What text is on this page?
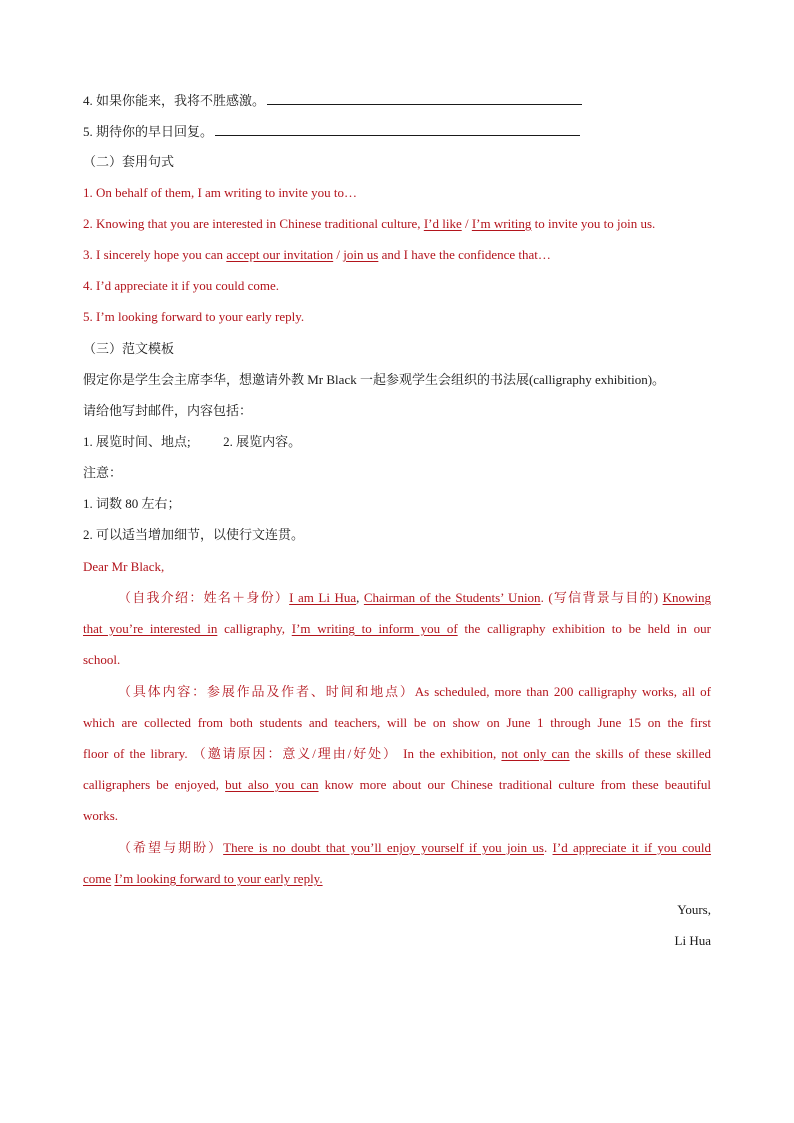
4. 如果你能来，我将不胜感激。
5. 期待你的早日回复。
（二）套用句式
1. On behalf of them, I am writing to invite you to…
2. Knowing that you are interested in Chinese traditional culture, I’d like / I’m writing to invite you to join us.
3. I sincerely hope you can accept our invitation / join us and I have the confidence that…
4. I’d appreciate it if you could come.
5. I’m looking forward to your early reply.
（三）范文模板
假定你是学生会主席李华，想邀请外教 Mr Black 一起参观学生会组织的书法展(calligraphy exhibition)。
请给他写封邮件，内容包括：
1. 展览时间、地点;	2. 展览内容。
注意：
1. 词数 80 左右；
2. 可以适当增加细节，以使行文连贯。
Dear Mr Black,
（自我介绍：姓名＋身份）I am Li Hua, Chairman of the Students’ Union. (写信背景与目的) Knowing
that you’re interested in calligraphy, I’m writing to inform you of the calligraphy exhibition to be held in our
school.
（具体内容：参展作品及作者、时间和地点）As scheduled, more than 200 calligraphy works, all of
which are collected from both students and teachers, will be on show on June 1 through June 15 on the first
floor of the library. （邀请原因：意义/理由/好处） In the exhibition, not only can the skills of these skilled
calligraphers be enjoyed, but also you can know more about our Chinese traditional culture from these beautiful
works.
（希望与期盼）There is no doubt that you’ll enjoy yourself if you join us. I’d appreciate it if you could
come I’m looking forward to your early reply.
Yours,
Li Hua
